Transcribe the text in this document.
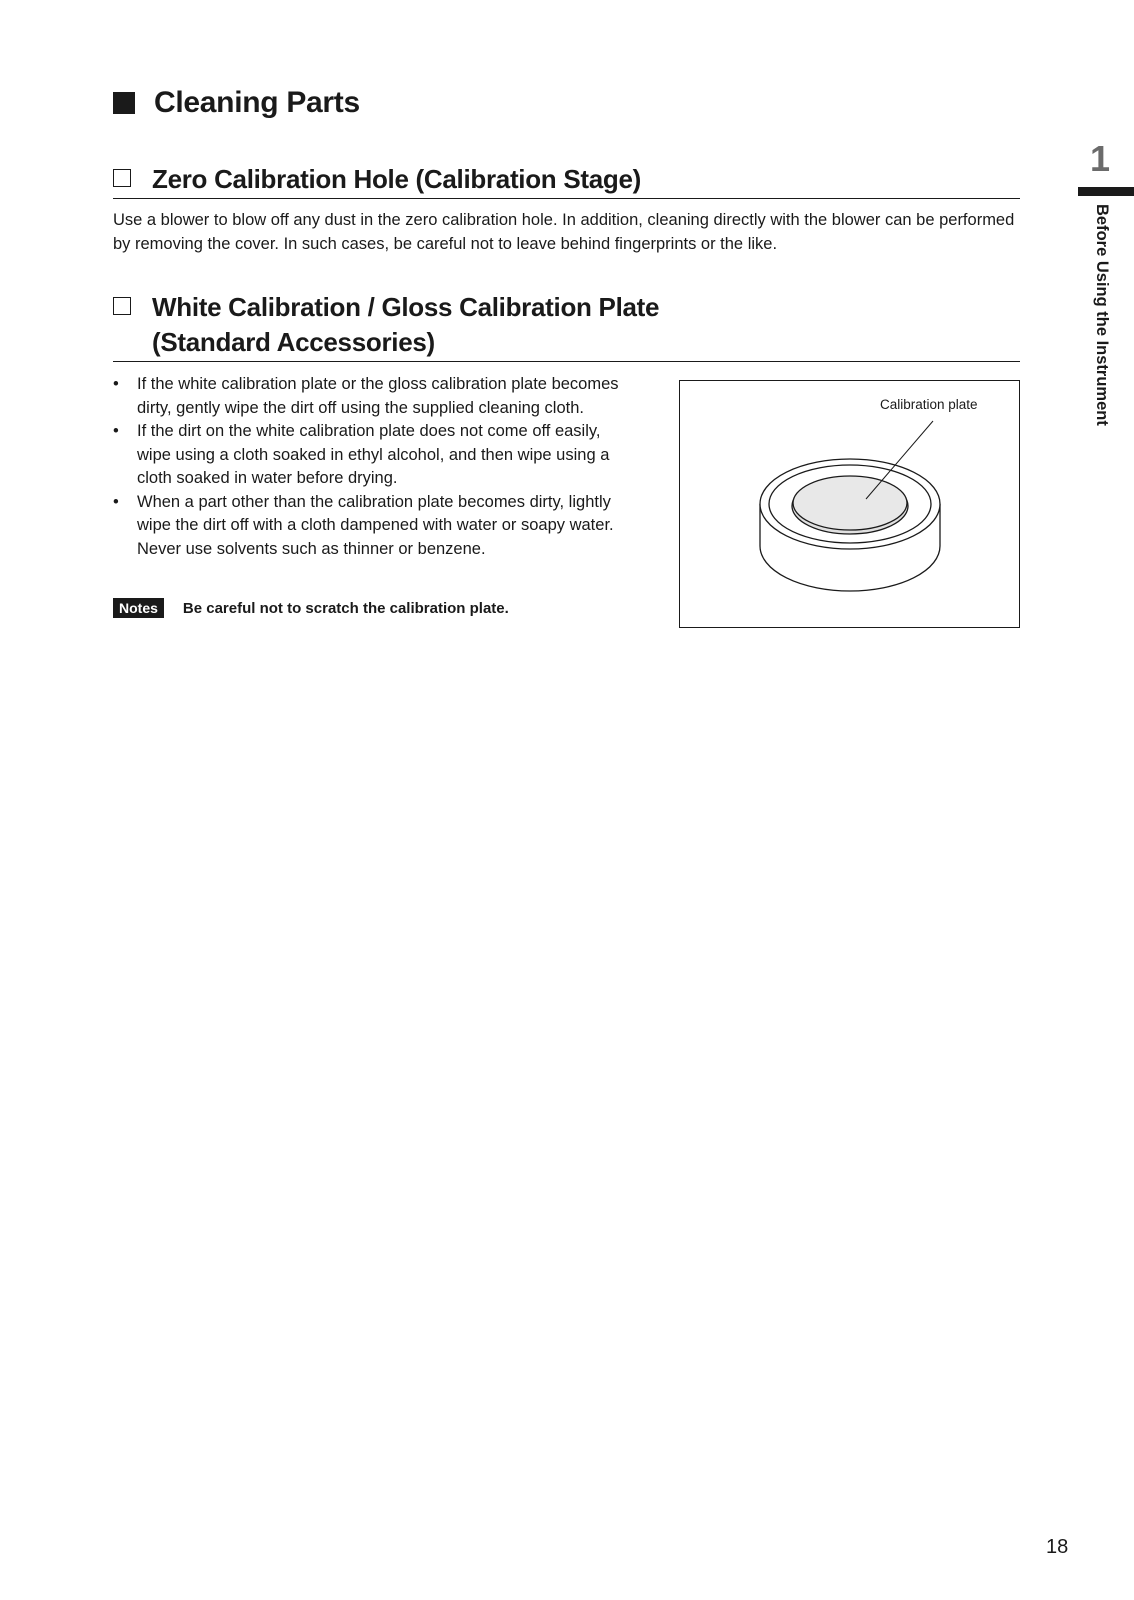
Cleaning Parts
Zero Calibration Hole (Calibration Stage)
Use a blower to blow off any dust in the zero calibration hole. In addition, cleaning directly with the blower can be performed by removing the cover. In such cases, be careful not to leave behind fingerprints or the like.
White Calibration / Gloss Calibration Plate
(Standard Accessories)
• If the white calibration plate or the gloss calibration plate becomes dirty, gently wipe the dirt off using the supplied cleaning cloth.
• If the dirt on the white calibration plate does not come off easily, wipe using a cloth soaked in ethyl alcohol, and then wipe using a cloth soaked in water before drying.
• When a part other than the calibration plate becomes dirty, lightly wipe the dirt off with a cloth dampened with water or soapy water. Never use solvents such as thinner or benzene.
Notes	Be careful not to scratch the calibration plate.
Calibration plate
1
Before Using the Instrument
18
